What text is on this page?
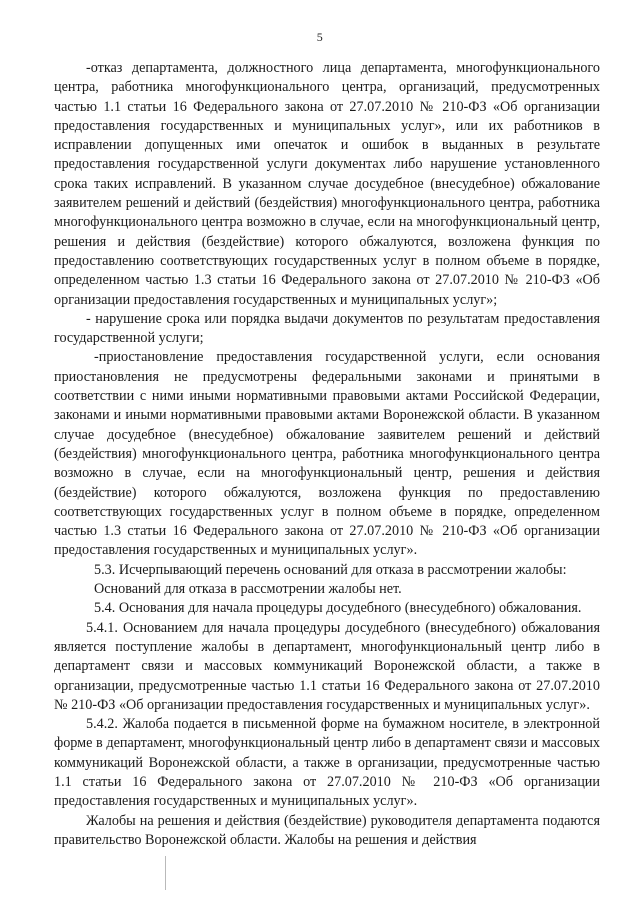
5

-отказ департамента, должностного лица департамента, многофункционального центра, работника многофункционального центра, организаций, предусмотренных частью 1.1 статьи 16 Федерального закона от 27.07.2010 № 210-ФЗ «Об организации предоставления государственных и муниципальных услуг», или их работников в исправлении допущенных ими опечаток и ошибок в выданных в результате предоставления государственной услуги документах либо нарушение установленного срока таких исправлений. В указанном случае досудебное (внесудебное) обжалование заявителем решений и действий (бездействия) многофункционального центра, работника многофункционального центра возможно в случае, если на многофункциональный центр, решения и действия (бездействие) которого обжалуются, возложена функция по предоставлению соответствующих государственных услуг в полном объеме в порядке, определенном частью 1.3 статьи 16 Федерального закона от 27.07.2010 № 210-ФЗ «Об организации предоставления государственных и муниципальных услуг»;

- нарушение срока или порядка выдачи документов по результатам предоставления государственной услуги;

-приостановление предоставления государственной услуги, если основания приостановления не предусмотрены федеральными законами и принятыми в соответствии с ними иными нормативными правовыми актами Российской Федерации, законами и иными нормативными правовыми актами Воронежской области. В указанном случае досудебное (внесудебное) обжалование заявителем решений и действий (бездействия) многофункционального центра, работника многофункционального центра возможно в случае, если на многофункциональный центр, решения и действия (бездействие) которого обжалуются, возложена функция по предоставлению соответствующих государственных услуг в полном объеме в порядке, определенном частью 1.3 статьи 16 Федерального закона от 27.07.2010 № 210-ФЗ «Об организации предоставления государственных и муниципальных услуг».

5.3. Исчерпывающий перечень оснований для отказа в рассмотрении жалобы:

Оснований для отказа в рассмотрении жалобы нет.

5.4. Основания для начала процедуры досудебного (внесудебного) обжалования.

5.4.1. Основанием для начала процедуры досудебного (внесудебного) обжалования является поступление жалобы в департамент, многофункциональный центр либо в департамент связи и массовых коммуникаций Воронежской области, а также в организации, предусмотренные частью 1.1 статьи 16 Федерального закона от 27.07.2010 № 210-ФЗ «Об организации предоставления государственных и муниципальных услуг».

5.4.2. Жалоба подается в письменной форме на бумажном носителе, в электронной форме в департамент, многофункциональный центр либо в департамент связи и массовых коммуникаций Воронежской области, а также в организации, предусмотренные частью 1.1 статьи 16 Федерального закона от 27.07.2010 № 210-ФЗ «Об организации предоставления государственных и муниципальных услуг».

Жалобы на решения и действия (бездействие) руководителя департамента подаются правительство Воронежской области. Жалобы на решения и действия
